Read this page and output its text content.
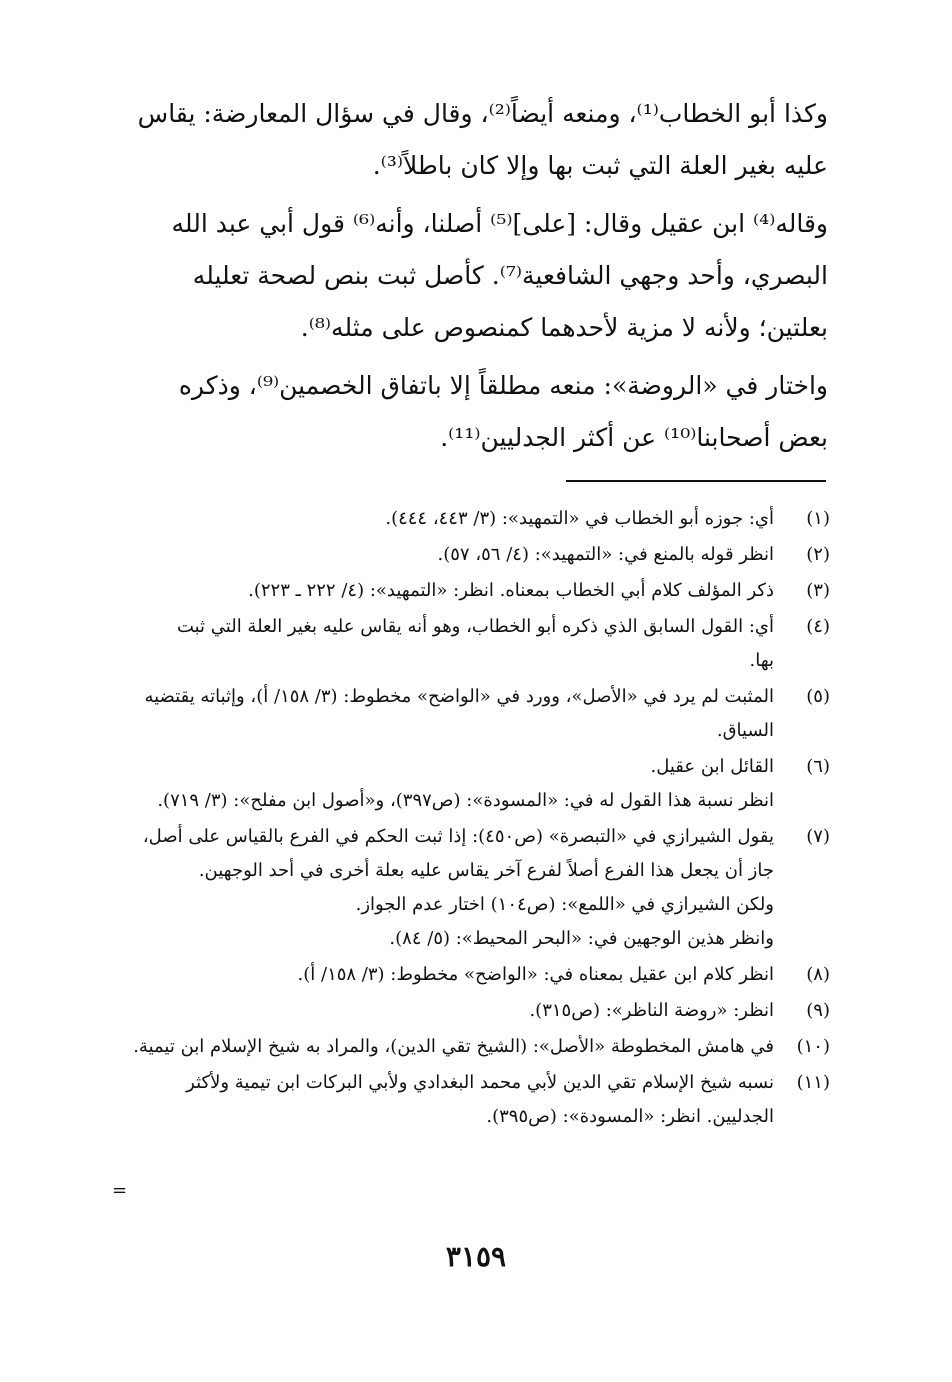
وكذا أبو الخطاب⁽¹⁾، ومنعه أيضاً⁽²⁾، وقال في سؤال المعارضة: يقاس
عليه بغير العلة التي ثبت بها وإلا كان باطلاً⁽³⁾.

وقاله⁽⁴⁾ ابن عقيل وقال: [على]⁽⁵⁾ أصلنا، وأنه⁽⁶⁾ قول أبي عبد الله
البصري، وأحد وجهي الشافعية⁽⁷⁾. كأصل ثبت بنص لصحة تعليله
بعلتين؛ ولأنه لا مزية لأحدهما كمنصوص على مثله⁽⁸⁾.

واختار في «الروضة»: منعه مطلقاً إلا باتفاق الخصمين⁽⁹⁾، وذكره
بعض أصحابنا⁽¹⁰⁾ عن أكثر الجدليين⁽¹¹⁾.

(١)
أي: جوزه أبو الخطاب في «التمهيد»: (٣/ ٤٤٣، ٤٤٤).
(٢)
انظر قوله بالمنع في: «التمهيد»: (٤/ ٥٦، ٥٧).
(٣)
ذكر المؤلف كلام أبي الخطاب بمعناه. انظر: «التمهيد»: (٤/ ٢٢٢ ـ ٢٢٣).
(٤)
أي: القول السابق الذي ذكره أبو الخطاب، وهو أنه يقاس عليه بغير العلة التي ثبت
بها.
(٥)
المثبت لم يرد في «الأصل»، وورد في «الواضح» مخطوط: (٣/ ١٥٨/ أ)، وإثباته يقتضيه
السياق.
(٦)
القائل ابن عقيل.
انظر نسبة هذا القول له في: «المسودة»: (ص٣٩٧)، و«أصول ابن مفلح»: (٣/ ٧١٩).
(٧)
يقول الشيرازي في «التبصرة» (ص٤٥٠): إذا ثبت الحكم في الفرع بالقياس على أصل،
جاز أن يجعل هذا الفرع أصلاً لفرع آخر يقاس عليه بعلة أخرى في أحد الوجهين.
ولكن الشيرازي في «اللمع»: (ص١٠٤) اختار عدم الجواز.
وانظر هذين الوجهين في: «البحر المحيط»: (٥/ ٨٤).
(٨)
انظر كلام ابن عقيل بمعناه في: «الواضح» مخطوط: (٣/ ١٥٨/ أ).
(٩)
انظر: «روضة الناظر»: (ص٣١٥).
(١٠)
في هامش المخطوطة «الأصل»: (الشيخ تقي الدين)، والمراد به شيخ الإسلام ابن تيمية.
(١١)
نسبه شيخ الإسلام تقي الدين لأبي محمد البغدادي ولأبي البركات ابن تيمية ولأكثر
الجدليين. انظر: «المسودة»: (ص٣٩٥).
=
٣١٥٩
